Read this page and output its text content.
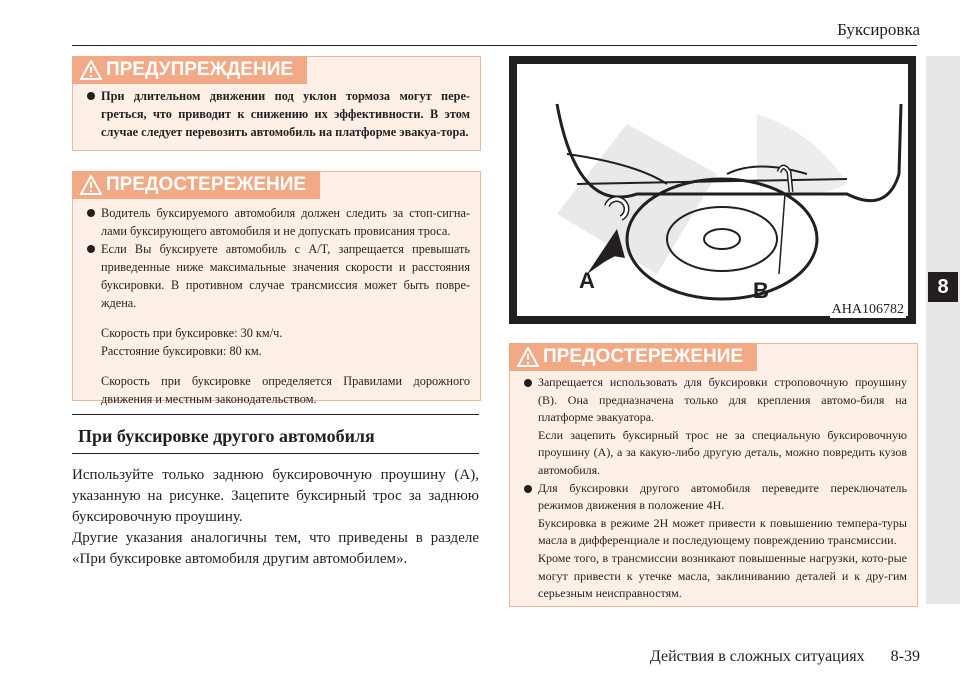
Буксировка
8
ПРЕДУПРЕЖДЕНИЕ
При длительном движении под уклон тормоза могут пере-греться, что приводит к снижению их эффективности. В этом случае следует перевозить автомобиль на платформе эвакуа-тора.
ПРЕДОСТЕРЕЖЕНИЕ
Водитель буксируемого автомобиля должен следить за стоп-сигна-лами буксирующего автомобиля и не допускать провисания троса.
Если Вы буксируете автомобиль с A/T, запрещается превышать приведенные ниже максимальные значения скорости и расстояния буксировки. В противном случае трансмиссия может быть повре-ждена.
Скорость при буксировке: 30 км/ч.
Расстояние буксировки: 80 км.
Скорость при буксировке определяется Правилами дорожного движения и местным законодательством.
При буксировке другого автомобиля

Используйте только заднюю буксировочную проушину (A), указанную на рисунке. Зацепите буксирный трос за заднюю буксировочную проушину.

Другие указания аналогичны тем, что приведены в разделе «При буксировке автомобиля другим автомобилем».

A	B
AHA106782
ПРЕДОСТЕРЕЖЕНИЕ
Запрещается использовать для буксировки строповочную проушину (B). Она предназначена только для крепления автомо-биля на платформе эвакуатора.
Если зацепить буксирный трос не за специальную буксировочную проушину (A), а за какую-либо другую деталь, можно повредить кузов автомобиля.
Для буксировки другого автомобиля переведите переключатель режимов движения в положение 4H.
Буксировка в режиме 2H может привести к повышению темпера-туры масла в дифференциале и последующему повреждению трансмиссии.
Кроме того, в трансмиссии возникают повышенные нагрузки, кото-рые могут привести к утечке масла, заклиниванию деталей и к дру-гим серьезным неисправностям.
Действия в сложных ситуациях 8-39
